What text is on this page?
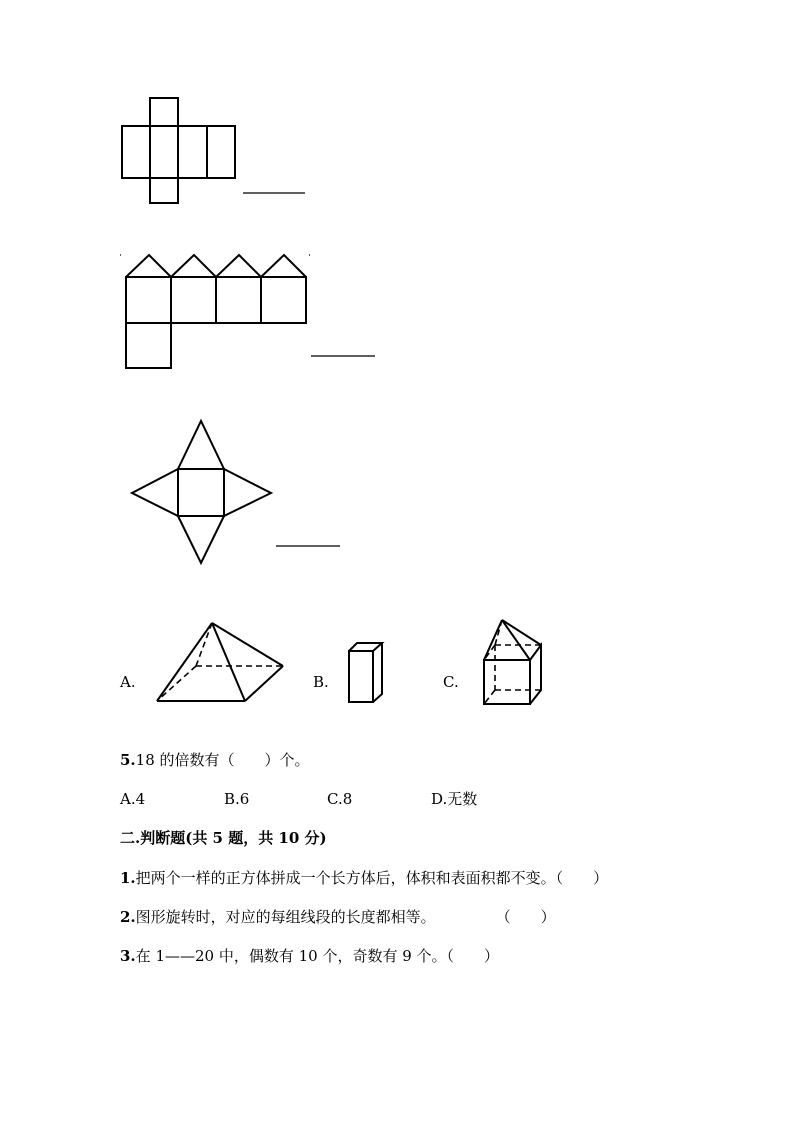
A.	B.	C.
5.18 的倍数有（　　）个。
A.4	B.6	C.8	D.无数
二.判断题(共 5 题，共 10 分)
1.把两个一样的正方体拼成一个长方体后，体积和表面积都不变。（　　）
2.图形旋转时，对应的每组线段的长度都相等。　　　　　（　　）
3.在 1——20 中，偶数有 10 个，奇数有 9 个。（　　）
